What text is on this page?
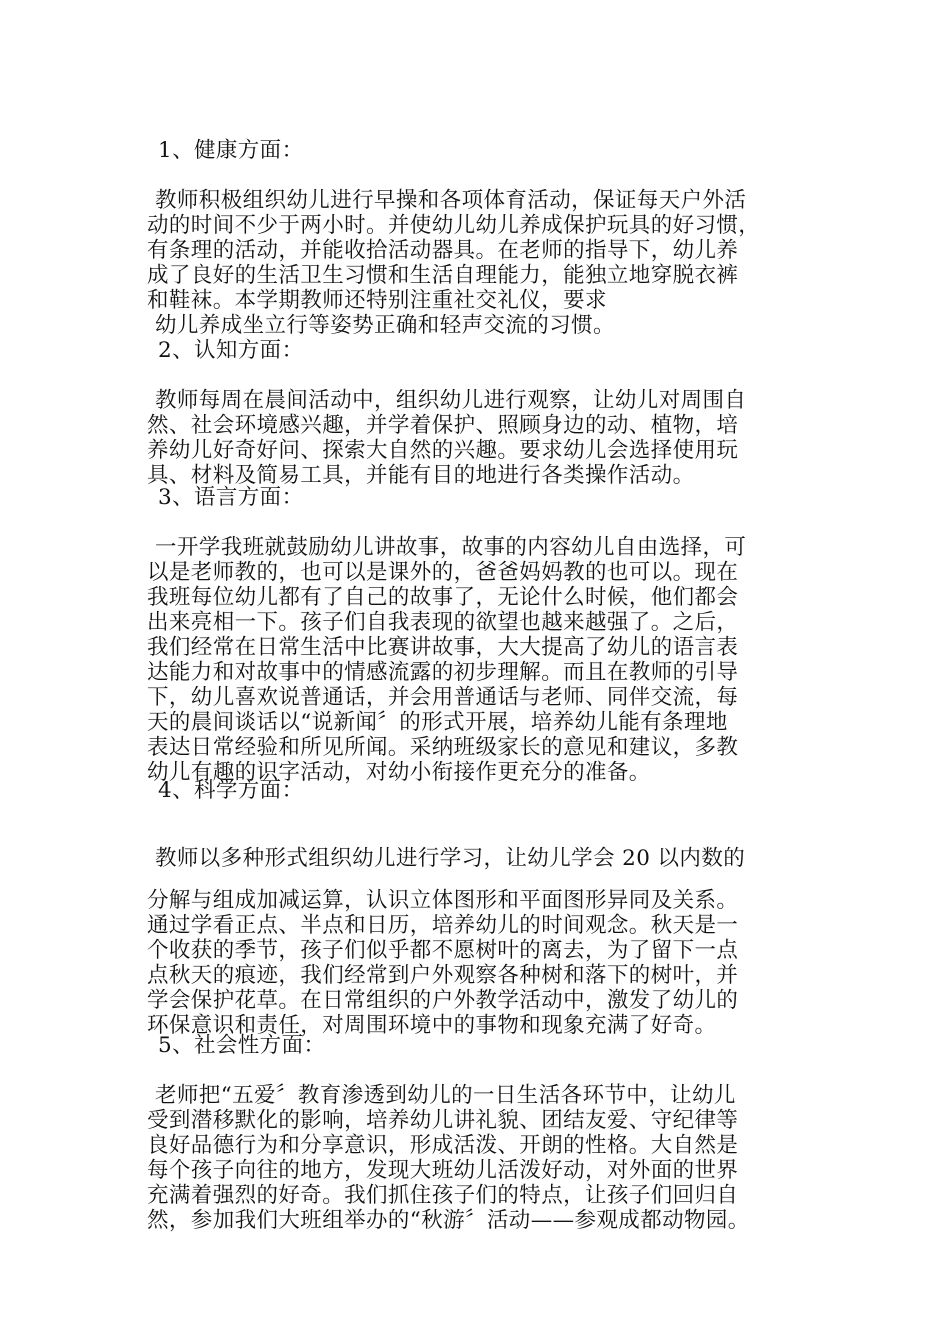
1、健康方面：
教师积极组织幼儿进行早操和各项体育活动，保证每天户外活
动的时间不少于两小时。并使幼儿幼儿养成保护玩具的好习惯，
有条理的活动，并能收拾活动器具。在老师的指导下，幼儿养
成了良好的生活卫生习惯和生活自理能力，能独立地穿脱衣裤
和鞋袜。本学期教师还特别注重社交礼仪，要求
幼儿养成坐立行等姿势正确和轻声交流的习惯。
2、认知方面：
教师每周在晨间活动中，组织幼儿进行观察，让幼儿对周围自
然、社会环境感兴趣，并学着保护、照顾身边的动、植物，培
养幼儿好奇好问、探索大自然的兴趣。要求幼儿会选择使用玩
具、材料及简易工具，并能有目的地进行各类操作活动。
3、语言方面：
一开学我班就鼓励幼儿讲故事，故事的内容幼儿自由选择，可
以是老师教的，也可以是课外的，爸爸妈妈教的也可以。现在
我班每位幼儿都有了自己的故事了，无论什么时候，他们都会
出来亮相一下。孩子们自我表现的欲望也越来越强了。之后，
我们经常在日常生活中比赛讲故事，大大提高了幼儿的语言表
达能力和对故事中的情感流露的初步理解。而且在教师的引导
下，幼儿喜欢说普通话，并会用普通话与老师、同伴交流，每
天的晨间谈话以“说新闻〞的形式开展，培养幼儿能有条理地
表达日常经验和所见所闻。采纳班级家长的意见和建议，多教
幼儿有趣的识字活动，对幼小衔接作更充分的准备。
4、科学方面：
教师以多种形式组织幼儿进行学习，让幼儿学会 20 以内数的
分解与组成加减运算，认识立体图形和平面图形异同及关系。
通过学看正点、半点和日历，培养幼儿的时间观念。秋天是一
个收获的季节，孩子们似乎都不愿树叶的离去，为了留下一点
点秋天的痕迹，我们经常到户外观察各种树和落下的树叶，并
学会保护花草。在日常组织的户外教学活动中，激发了幼儿的
环保意识和责任，对周围环境中的事物和现象充满了好奇。
5、社会性方面：
老师把“五爱〞教育渗透到幼儿的一日生活各环节中，让幼儿
受到潜移默化的影响，培养幼儿讲礼貌、团结友爱、守纪律等
良好品德行为和分享意识，形成活泼、开朗的性格。大自然是
每个孩子向往的地方，发现大班幼儿活泼好动，对外面的世界
充满着强烈的好奇。我们抓住孩子们的特点，让孩子们回归自
然，参加我们大班组举办的“秋游〞活动——参观成都动物园。
